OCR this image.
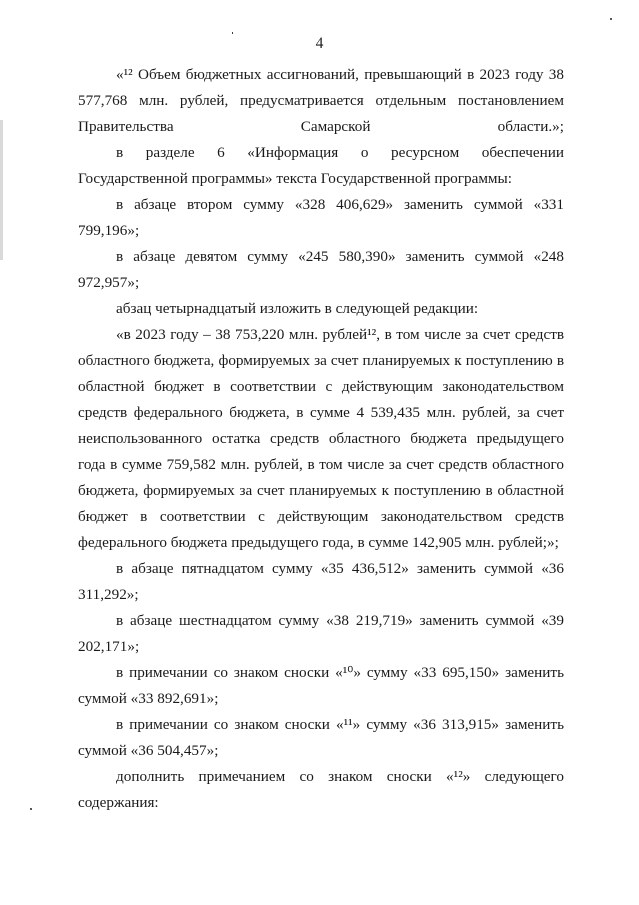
4

«¹² Объем бюджетных ассигнований, превышающий в 2023 году 38 577,768 млн. рублей, предусматривается отдельным постановлением Правительства Самарской области.»;

в разделе 6 «Информация о ресурсном обеспечении Государственной программы» текста Государственной программы:

в абзаце втором сумму «328 406,629» заменить суммой «331 799,196»;

в абзаце девятом сумму «245 580,390» заменить суммой «248 972,957»;

абзац четырнадцатый изложить в следующей редакции:

«в 2023 году – 38 753,220 млн. рублей¹², в том числе за счет средств областного бюджета, формируемых за счет планируемых к поступлению в областной бюджет в соответствии с действующим законодательством средств федерального бюджета, в сумме 4 539,435 млн. рублей, за счет неиспользованного остатка средств областного бюджета предыдущего года в сумме 759,582 млн. рублей, в том числе за счет средств областного бюджета, формируемых за счет планируемых к поступлению в областной бюджет в соответствии с действующим законодательством средств федерального бюджета предыдущего года, в сумме 142,905 млн. рублей;»;

в абзаце пятнадцатом сумму «35 436,512» заменить суммой «36 311,292»;

в абзаце шестнадцатом сумму «38 219,719» заменить суммой «39 202,171»;

в примечании со знаком сноски «¹⁰» сумму «33 695,150» заменить суммой «33 892,691»;

в примечании со знаком сноски «¹¹» сумму «36 313,915» заменить суммой «36 504,457»;

дополнить примечанием со знаком сноски «¹²» следующего содержания:
